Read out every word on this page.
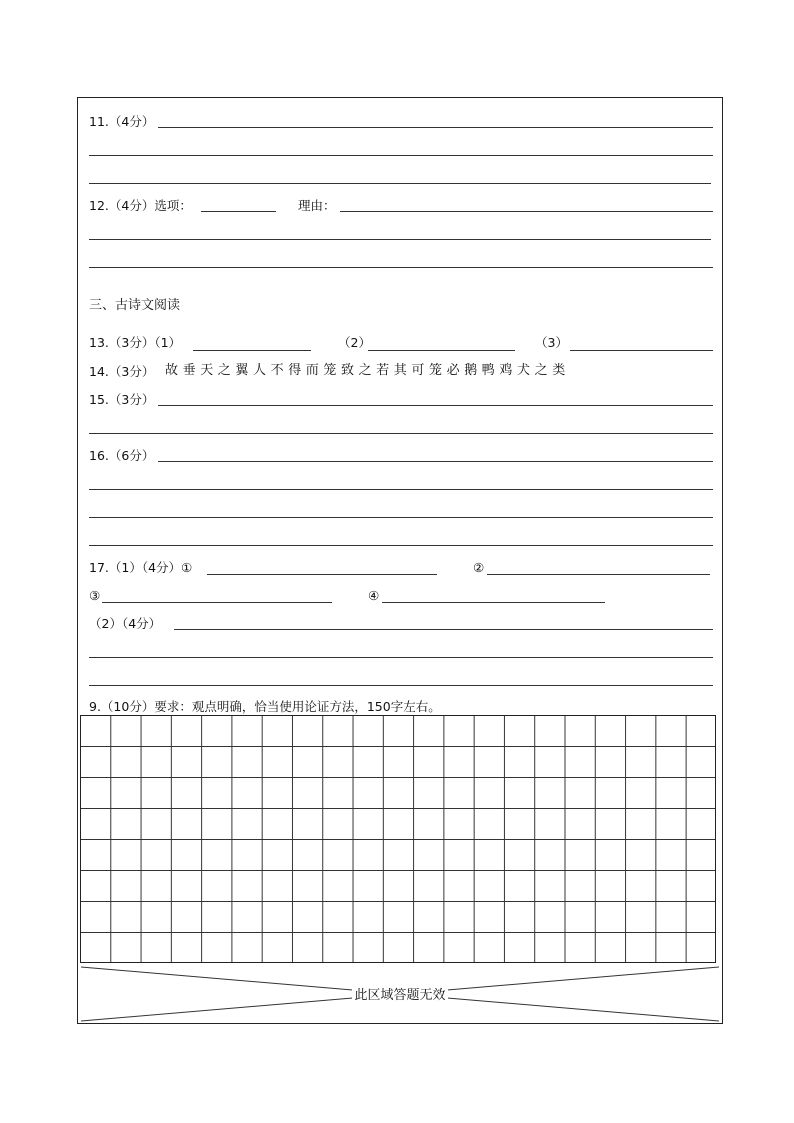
11.（4分）
12.（4分）选项：	理由：
三、古诗文阅读
13.（3分）（1）	（2）	（3）
14.（3分） 故垂天之翼人不得而笼致之若其可笼必鹅鸭鸡犬之类
15.（3分）
16.（6分）
17.（1）（4分）①	②
③	④
（2）（4分）
9.（10分）要求：观点明确，恰当使用论证方法，150字左右。
此区域答题无效
